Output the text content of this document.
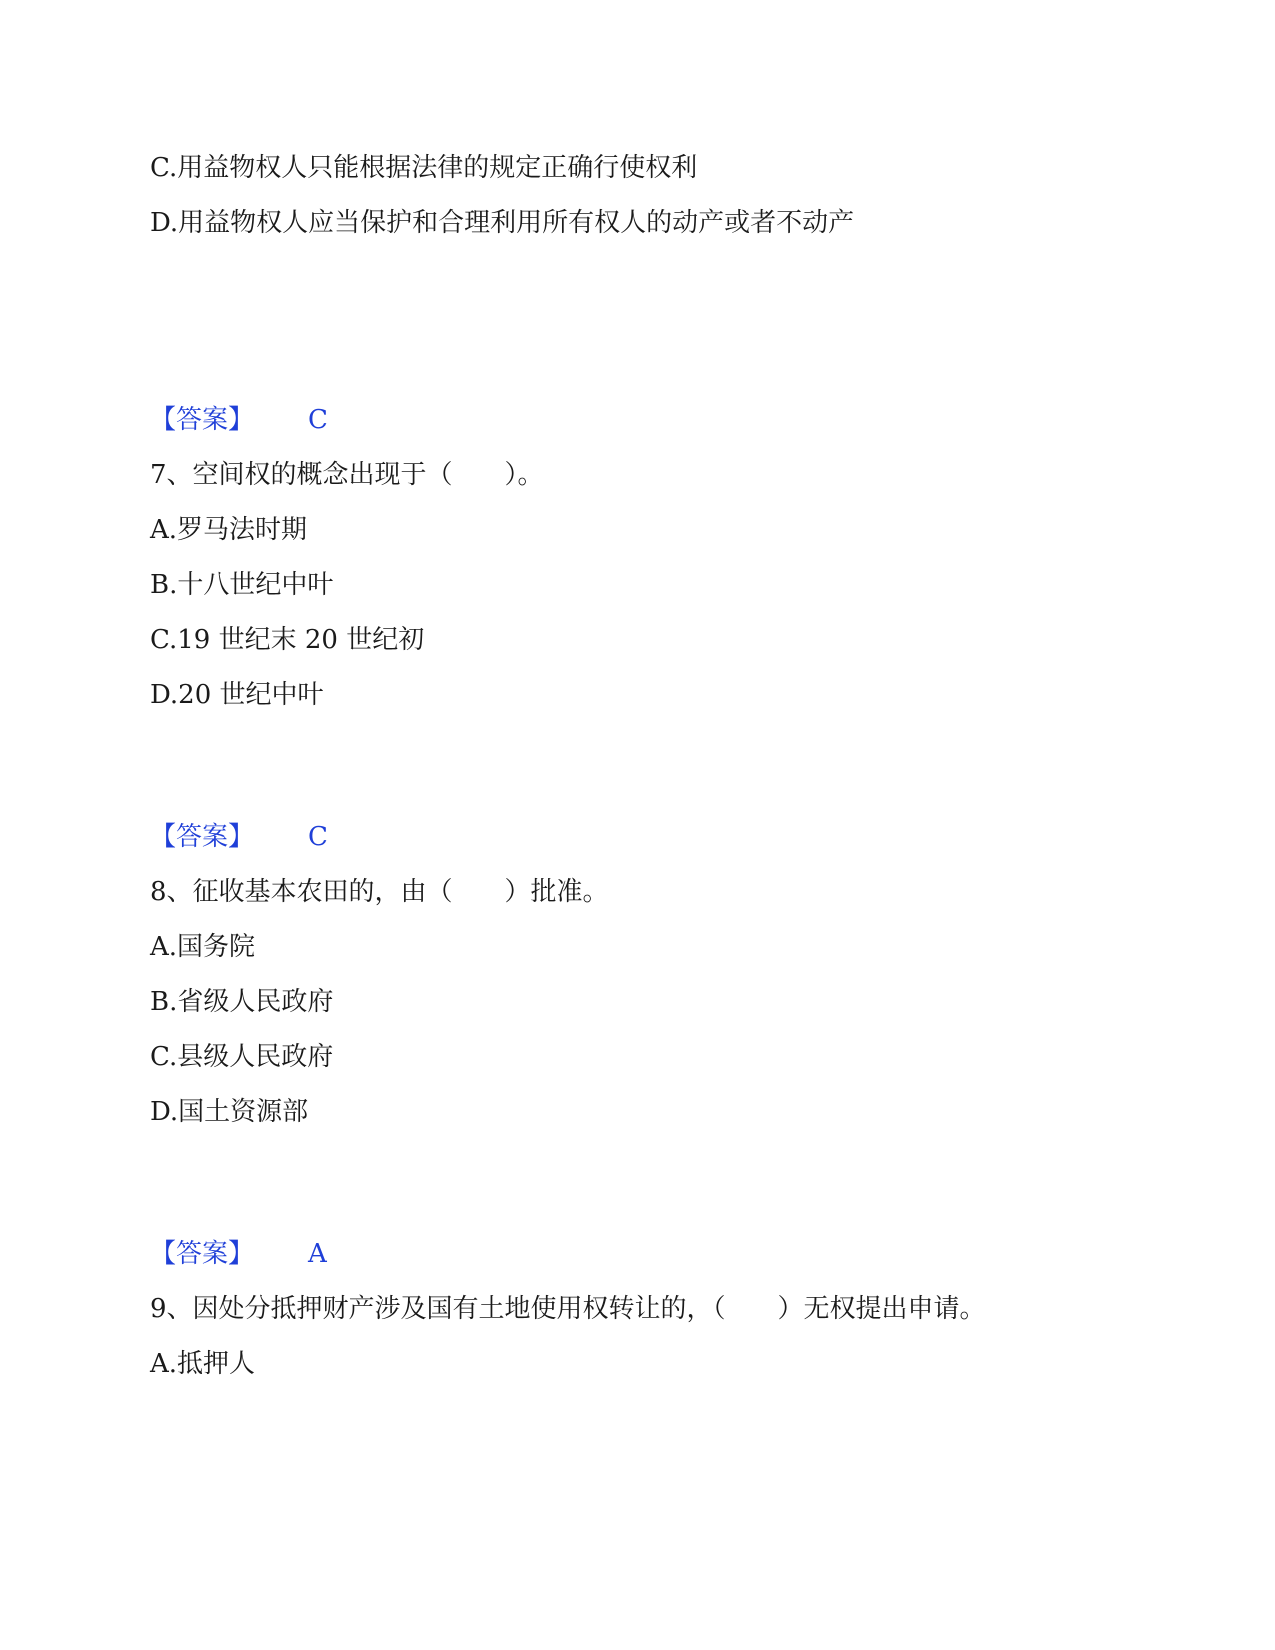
C.用益物权人只能根据法律的规定正确行使权利
D.用益物权人应当保护和合理利用所有权人的动产或者不动产
【答案】 C
7、空间权的概念出现于（　　）。
A.罗马法时期
B.十八世纪中叶
C.19 世纪末 20 世纪初
D.20 世纪中叶
【答案】 C
8、征收基本农田的，由（　　）批准。
A.国务院
B.省级人民政府
C.县级人民政府
D.国土资源部
【答案】 A
9、因处分抵押财产涉及国有土地使用权转让的，（　　）无权提出申请。
A.抵押人
